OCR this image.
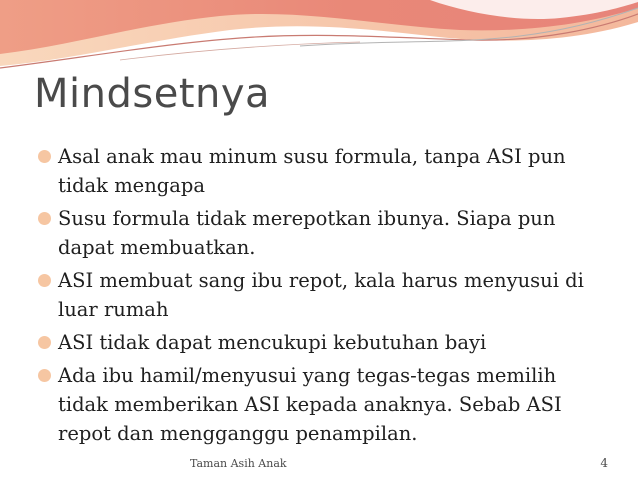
Mindsetnya
Asal anak mau minum susu formula, tanpa ASI pun tidak mengapa
Susu formula tidak merepotkan ibunya. Siapa pun dapat membuatkan.
ASI membuat sang ibu repot, kala harus menyusui di luar rumah
ASI tidak dapat mencukupi kebutuhan bayi
Ada ibu hamil/menyusui yang tegas-tegas memilih tidak memberikan ASI kepada anaknya. Sebab ASI repot dan mengganggu penampilan.
Taman Asih Anak	4
